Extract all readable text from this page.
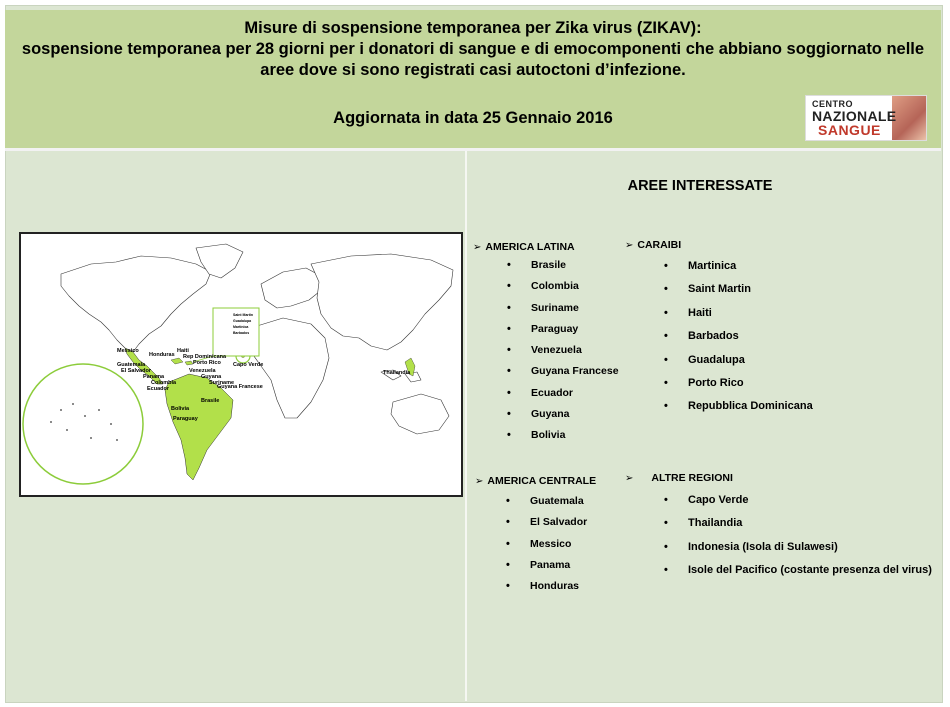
Misure di sospensione temporanea per Zika virus (ZIKAV):
sospensione temporanea per 28 giorni per i donatori di sangue e di emocomponenti che abbiano soggiornato nelle
aree dove si sono registrati casi autoctoni d’infezione.
Aggiornata in data 25 Gennaio 2016
CENTRO
NAZIONALE
SANGUE
Messico
Honduras
Haiti
Rep Dominicana
Porto Rico
Guatemala
El Salvador
Panama
Colombia
Ecuador
Venezuela
Guyana
Suriname
Guyana Francese
Brasile
Bolivia
Paraguay
Capo Verde
Thailandia
Saint Martin
Guadalupa
Martinica
Barbados
AREE INTERESSATE
➢ AMERICA LATINA
• Brasile
• Colombia
• Suriname
• Paraguay
• Venezuela
• Guyana Francese
• Ecuador
• Guyana
• Bolivia
➢ CARAIBI
• Martinica
• Saint Martin
• Haiti
• Barbados
• Guadalupa
• Porto Rico
• Repubblica Dominicana
➢ AMERICA CENTRALE
• Guatemala
• El Salvador
• Messico
• Panama
• Honduras
➢ ALTRE REGIONI
• Capo Verde
• Thailandia
• Indonesia (Isola di Sulawesi)
• Isole del Pacifico (costante presenza del virus)
